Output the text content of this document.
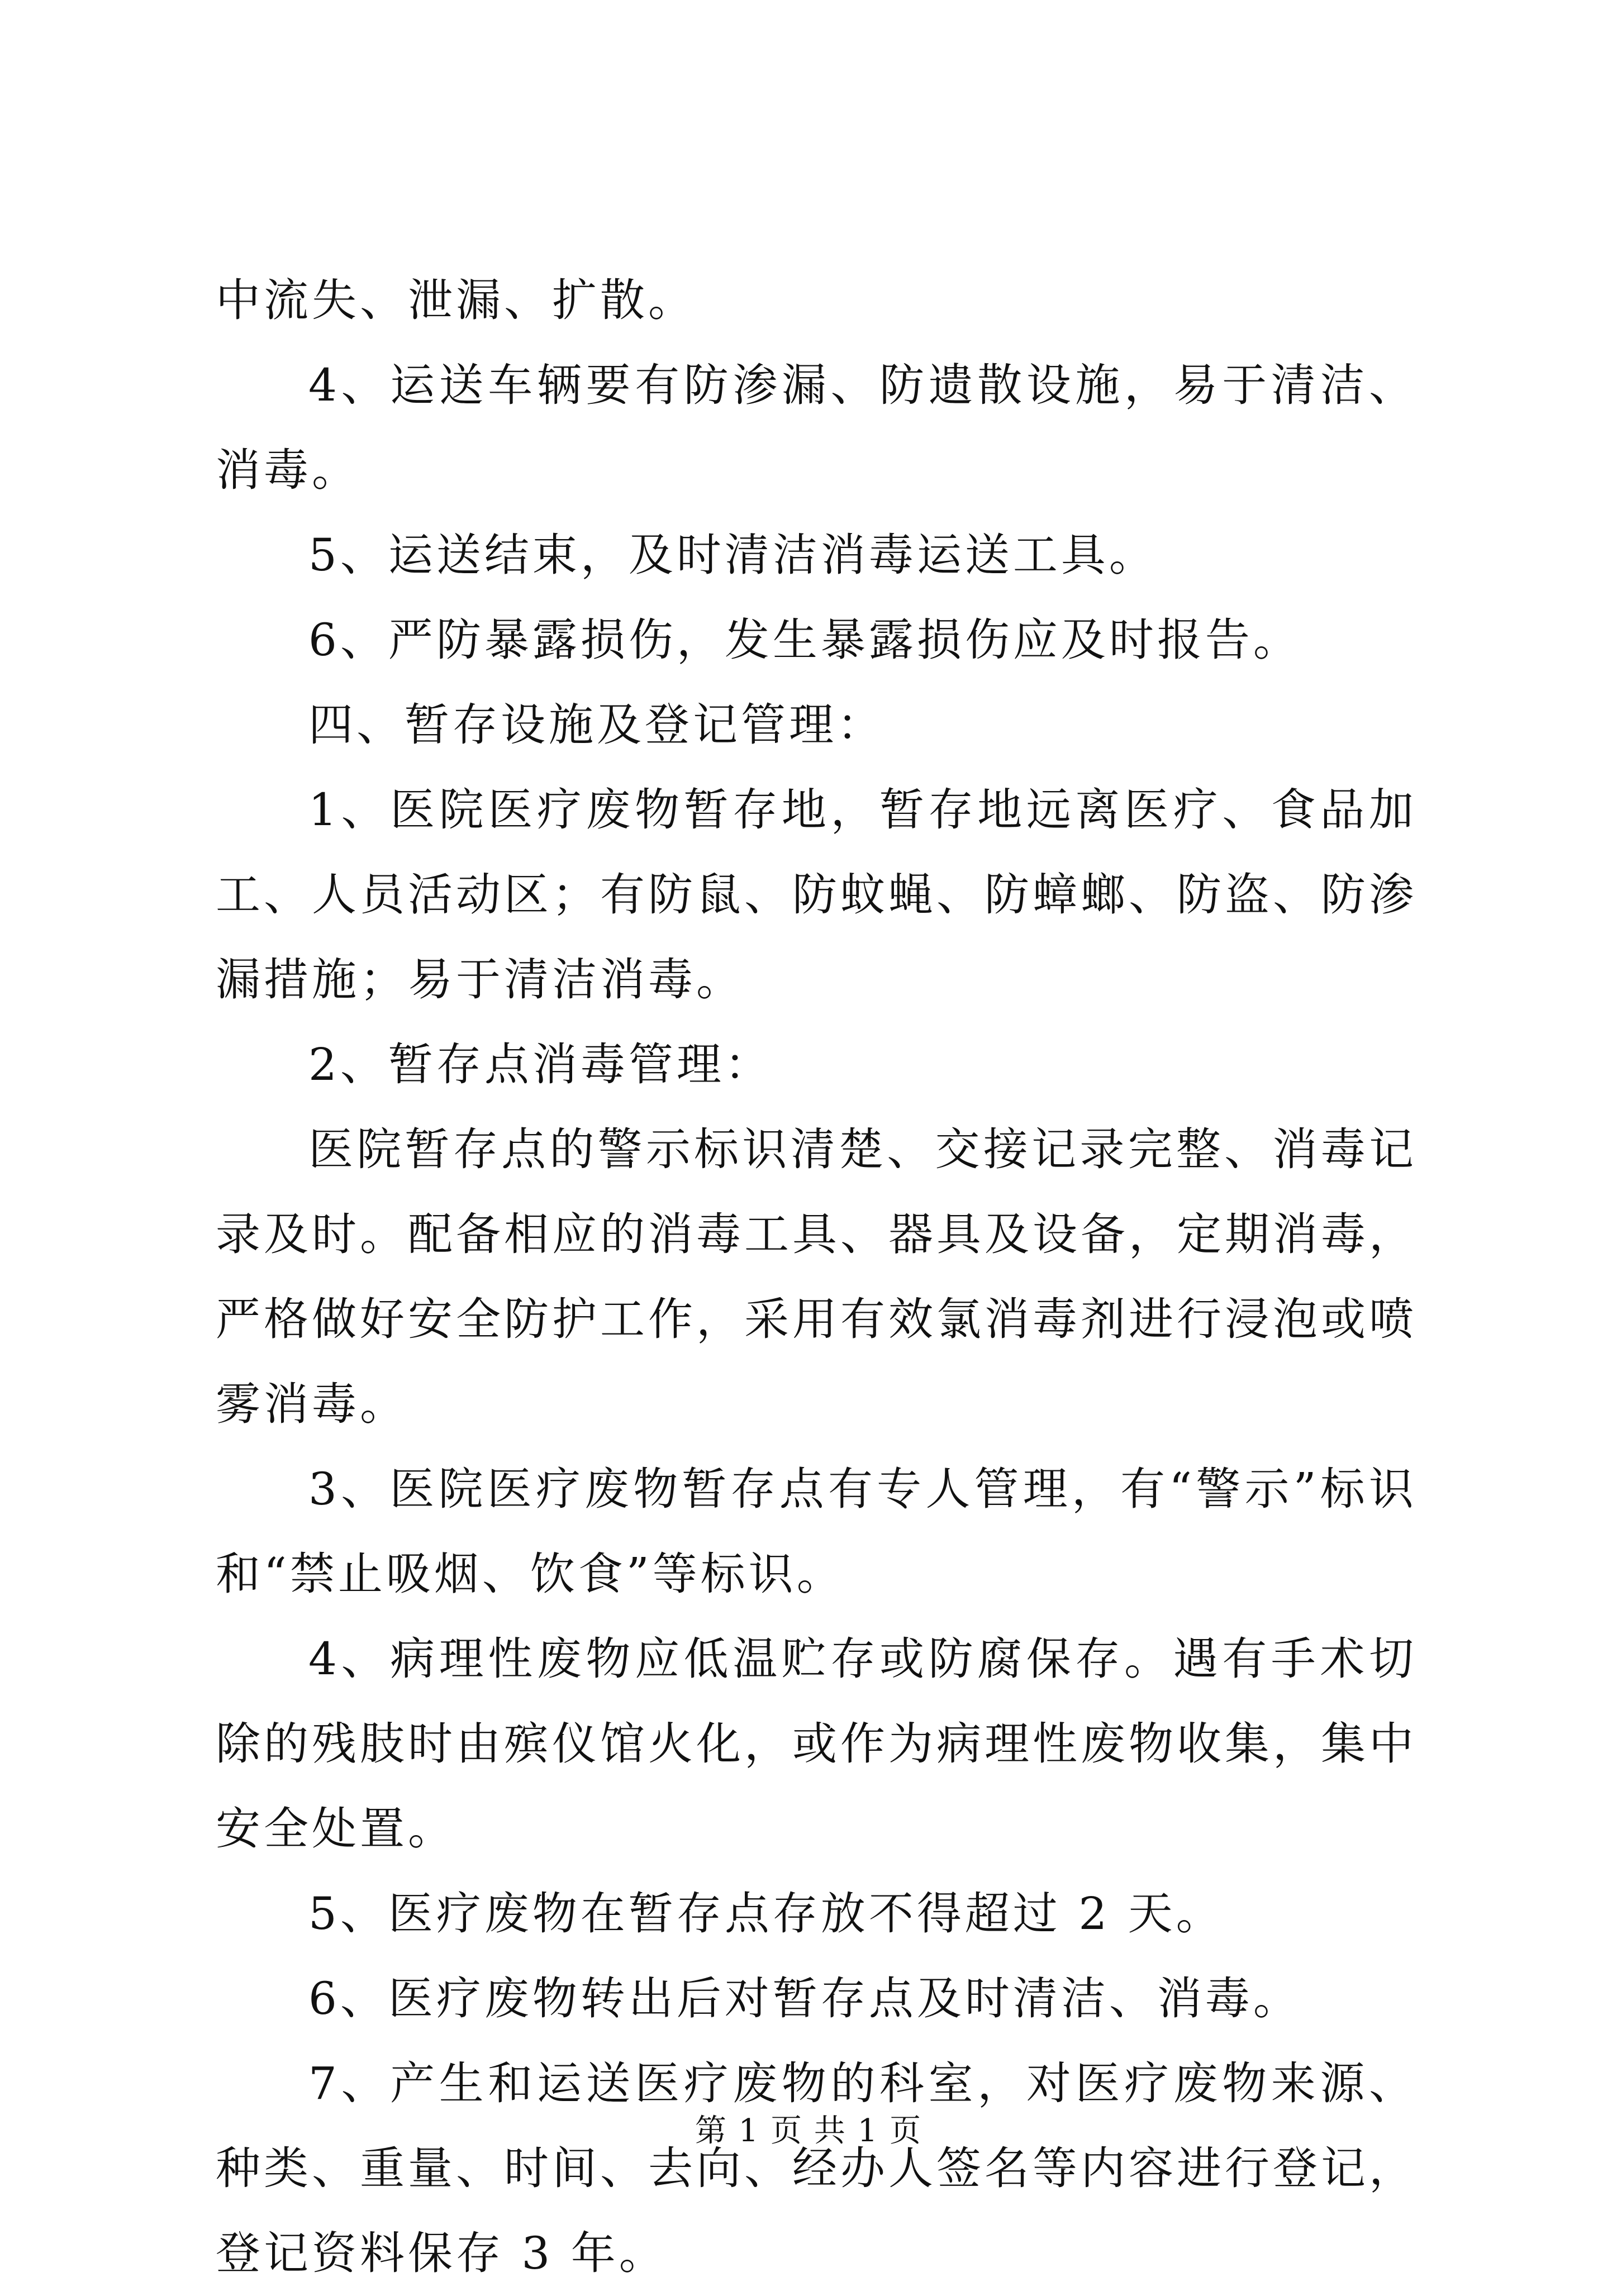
中流失、泄漏、扩散。

4、运送车辆要有防渗漏、防遗散设施，易于清洁、消毒。

5、运送结束，及时清洁消毒运送工具。

6、严防暴露损伤，发生暴露损伤应及时报告。

四、暂存设施及登记管理：

1、医院医疗废物暂存地，暂存地远离医疗、食品加工、人员活动区；有防鼠、防蚊蝇、防蟑螂、防盗、防渗漏措施；易于清洁消毒。

2、暂存点消毒管理：

医院暂存点的警示标识清楚、交接记录完整、消毒记录及时。配备相应的消毒工具、器具及设备，定期消毒，严格做好安全防护工作，采用有效氯消毒剂进行浸泡或喷雾消毒。

3、医院医疗废物暂存点有专人管理，有“警示”标识和“禁止吸烟、饮食”等标识。

4、病理性废物应低温贮存或防腐保存。遇有手术切除的残肢时由殡仪馆火化，或作为病理性废物收集，集中安全处置。

5、医疗废物在暂存点存放不得超过 2 天。

6、医疗废物转出后对暂存点及时清洁、消毒。

7、产生和运送医疗废物的科室，对医疗废物来源、种类、重量、时间、去向、经办人签名等内容进行登记，登记资料保存 3 年。

第 1 页 共 1 页
